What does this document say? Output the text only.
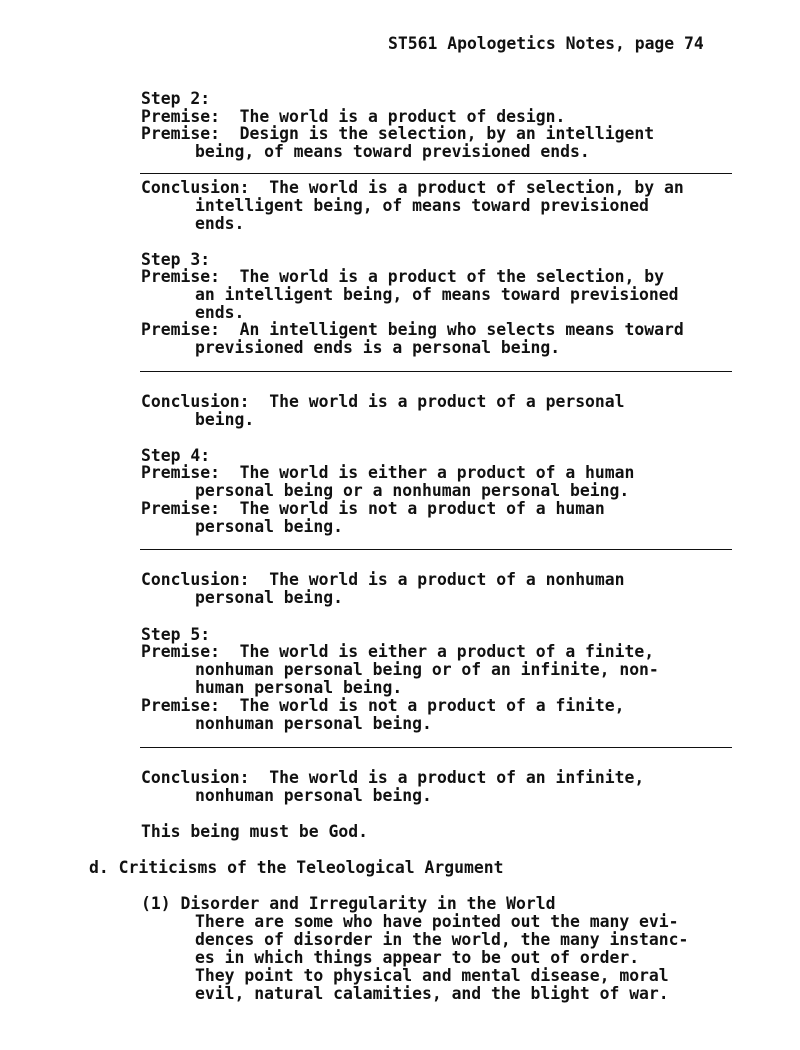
ST561 Apologetics Notes, page 74
Step 2:
Premise:  The world is a product of design.
Premise:  Design is the selection, by an intelligent
being, of means toward previsioned ends.
Conclusion:  The world is a product of selection, by an
intelligent being, of means toward previsioned
ends.
Step 3:
Premise:  The world is a product of the selection, by
an intelligent being, of means toward previsioned
ends.
Premise:  An intelligent being who selects means toward
previsioned ends is a personal being.
Conclusion:  The world is a product of a personal
being.
Step 4:
Premise:  The world is either a product of a human
personal being or a nonhuman personal being.
Premise:  The world is not a product of a human
personal being.
Conclusion:  The world is a product of a nonhuman
personal being.
Step 5:
Premise:  The world is either a product of a finite,
nonhuman personal being or of an infinite, non-
human personal being.
Premise:  The world is not a product of a finite,
nonhuman personal being.
Conclusion:  The world is a product of an infinite,
nonhuman personal being.
This being must be God.
d. Criticisms of the Teleological Argument
(1) Disorder and Irregularity in the World
There are some who have pointed out the many evi-
dences of disorder in the world, the many instanc-
es in which things appear to be out of order.
They point to physical and mental disease, moral
evil, natural calamities, and the blight of war.
